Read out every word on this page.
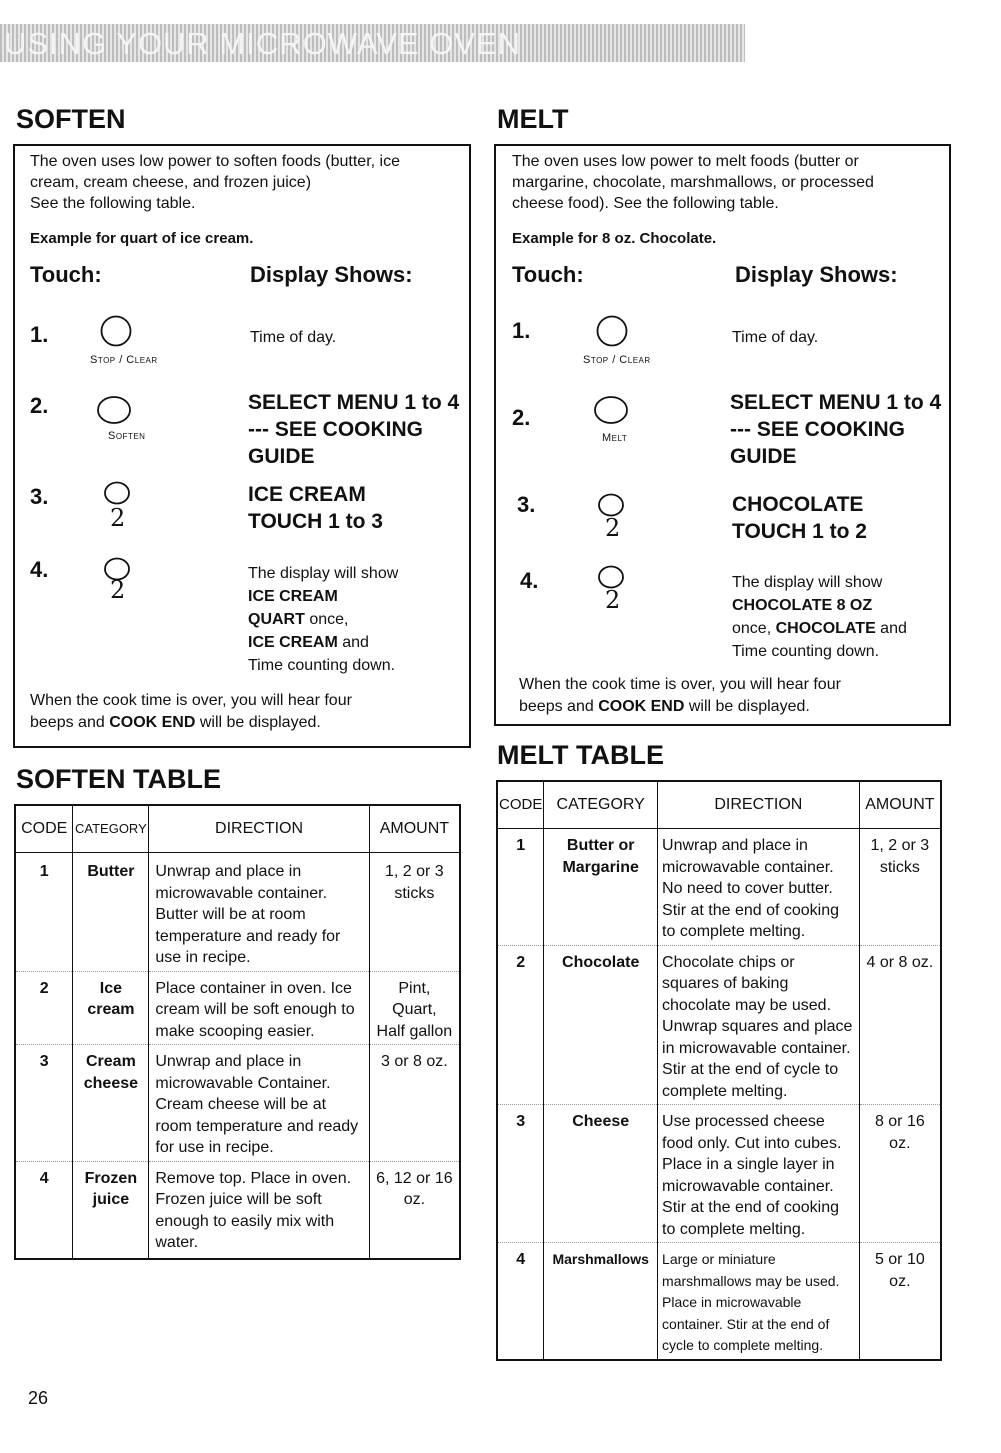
USING YOUR MICROWAVE OVEN
SOFTEN
The oven uses low power to soften foods (butter, ice
cream, cream cheese, and frozen juice)
See the following table.
Example for quart of ice cream.
Touch:	Display Shows:
1.
Stop / Clear
Time of day.
2.
Soften
SELECT MENU 1 to 4
--- SEE COOKING
GUIDE
3.
2
ICE CREAM
TOUCH 1 to 3
4.
2
The display will show
ICE CREAM
QUART once,
ICE CREAM and
Time counting down.
When the cook time is over, you will hear four
beeps and COOK END will be displayed.
SOFTEN TABLE
CODE	CATEGORY	DIRECTION	AMOUNT
1	Butter	Unwrap and place in microwavable container. Butter will be at room temperature and ready for use in recipe.	1, 2 or 3 sticks
2	Ice cream	Place container in oven. Ice cream will be soft enough to make scooping easier.	Pint, Quart, Half gallon
3	Cream cheese	Unwrap and place in microwavable Container. Cream cheese will be at room temperature and ready for use in recipe.	3 or 8 oz.
4	Frozen juice	Remove top. Place in oven. Frozen juice will be soft enough to easily mix with water.	6, 12 or 16 oz.
MELT
The oven uses low power to melt foods (butter or
margarine, chocolate, marshmallows, or processed
cheese food). See the following table.
Example for 8 oz. Chocolate.
Touch:	Display Shows:
1.
Stop / Clear
Time of day.
2.
Melt
SELECT MENU 1 to 4
--- SEE COOKING
GUIDE
3.
2
CHOCOLATE
TOUCH 1 to 2
4.
2
The display will show
CHOCOLATE 8 OZ
once, CHOCOLATE and
Time counting down.
When the cook time is over, you will hear four
beeps and COOK END will be displayed.
MELT TABLE
CODE	CATEGORY	DIRECTION	AMOUNT
1	Butter or Margarine	Unwrap and place in microwavable container. No need to cover butter. Stir at the end of cooking to complete melting.	1, 2 or 3 sticks
2	Chocolate	Chocolate chips or squares of baking chocolate may be used. Unwrap squares and place in microwavable container. Stir at the end of cycle to complete melting.	4 or 8 oz.
3	Cheese	Use processed cheese food only. Cut into cubes. Place in a single layer in microwavable container. Stir at the end of cooking to complete melting.	8 or 16 oz.
4	Marshmallows	Large or miniature marshmallows may be used. Place in microwavable container. Stir at the end of cycle to complete melting.	5 or 10 oz.
26
